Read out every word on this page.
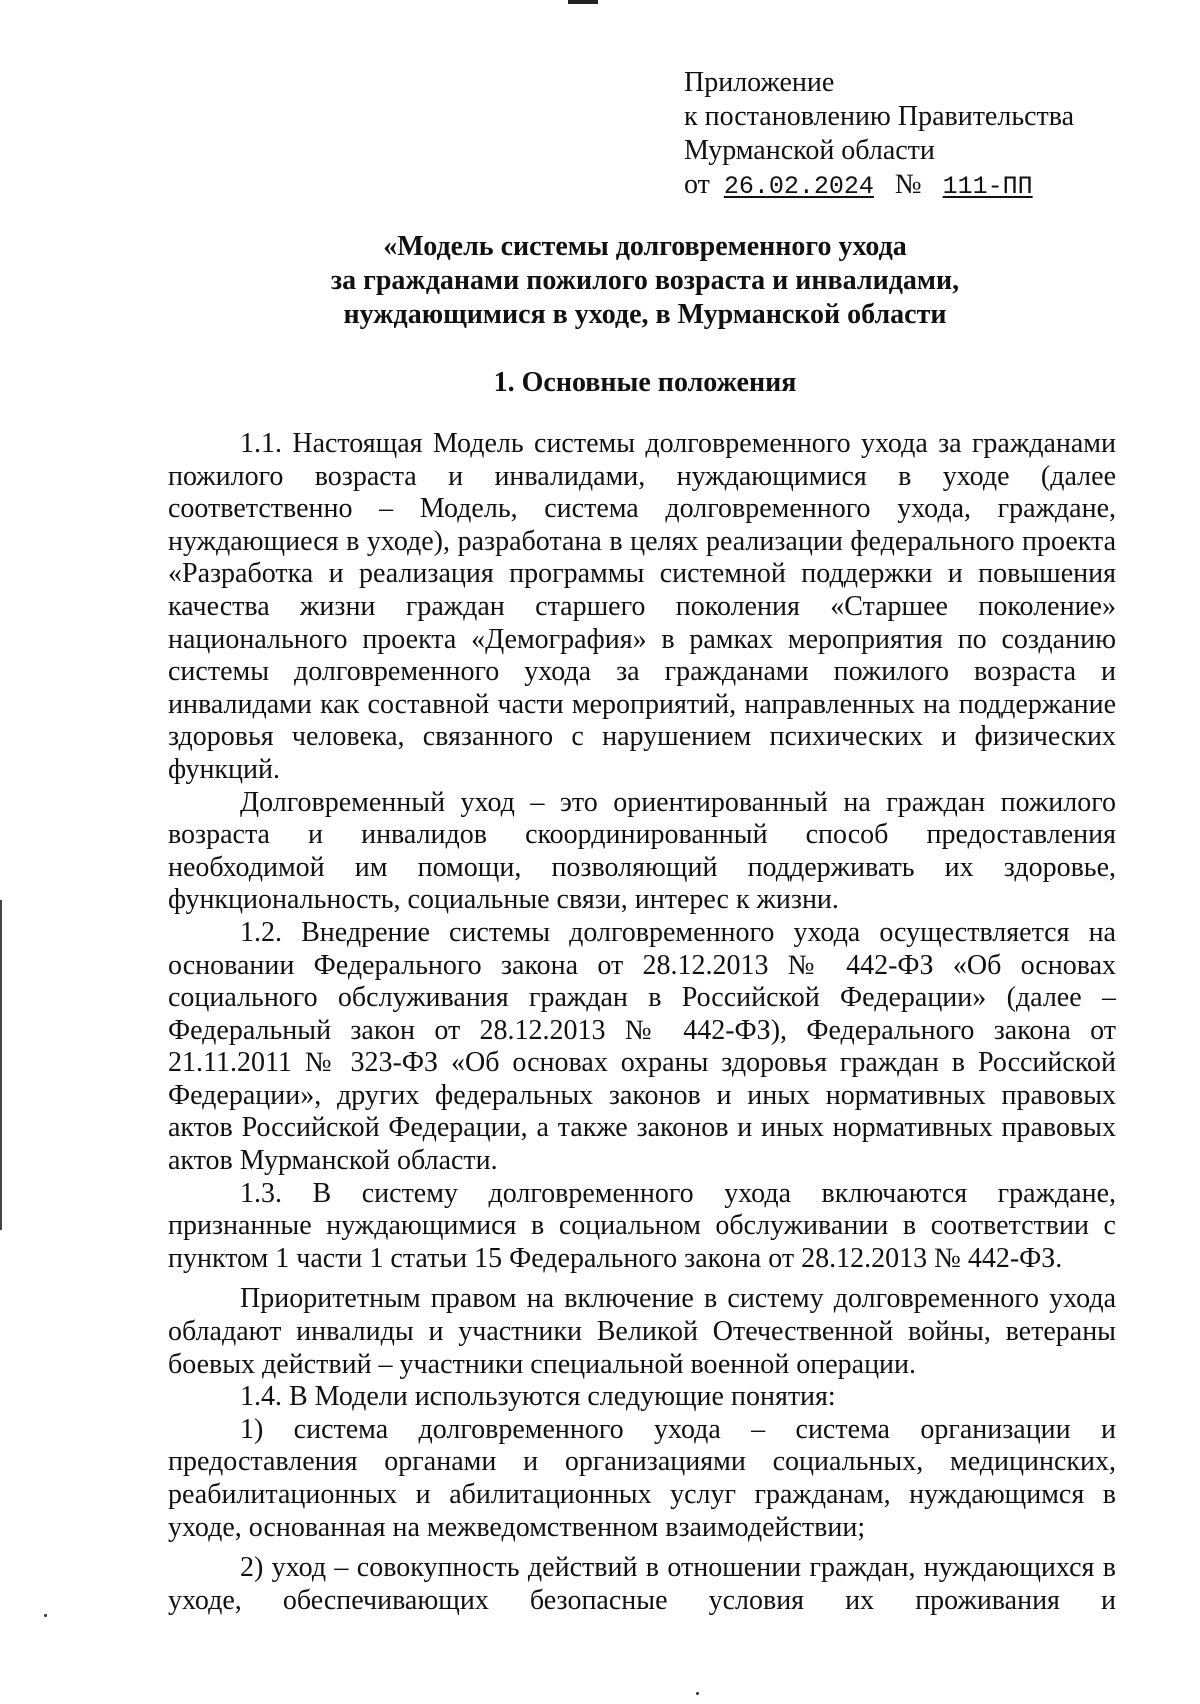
Приложение
к постановлению Правительства
Мурманской области
от 26.02.2024 № 111-ПП
«Модель системы долговременного ухода
за гражданами пожилого возраста и инвалидами,
нуждающимися в уходе, в Мурманской области
1. Основные положения

1.1. Настоящая Модель системы долговременного ухода за гражданами пожилого возраста и инвалидами, нуждающимися в уходе (далее соответственно – Модель, система долговременного ухода, граждане, нуждающиеся в уходе), разработана в целях реализации федерального проекта «Разработка и реализация программы системной поддержки и повышения качества жизни граждан старшего поколения «Старшее поколение» национального проекта «Демография» в рамках мероприятия по созданию системы долговременного ухода за гражданами пожилого возраста и инвалидами как составной части мероприятий, направленных на поддержание здоровья человека, связанного с нарушением психических и физических функций.

Долговременный уход – это ориентированный на граждан пожилого возраста и инвалидов скоординированный способ предоставления необходимой им помощи, позволяющий поддерживать их здоровье, функциональность, социальные связи, интерес к жизни.

1.2. Внедрение системы долговременного ухода осуществляется на основании Федерального закона от 28.12.2013 № 442-ФЗ «Об основах социального обслуживания граждан в Российской Федерации» (далее – Федеральный закон от 28.12.2013 № 442-ФЗ), Федерального закона от 21.11.2011 № 323-ФЗ «Об основах охраны здоровья граждан в Российской Федерации», других федеральных законов и иных нормативных правовых актов Российской Федерации, а также законов и иных нормативных правовых актов Мурманской области.

1.3. В систему долговременного ухода включаются граждане, признанные нуждающимися в социальном обслуживании в соответствии с пунктом 1 части 1 статьи 15 Федерального закона от 28.12.2013 № 442-ФЗ.

Приоритетным правом на включение в систему долговременного ухода обладают инвалиды и участники Великой Отечественной войны, ветераны боевых действий – участники специальной военной операции.

1.4. В Модели используются следующие понятия:

1) система долговременного ухода – система организации и предоставления органами и организациями социальных, медицинских, реабилитационных и абилитационных услуг гражданам, нуждающимся в уходе, основанная на межведомственном взаимодействии;

2) уход – совокупность действий в отношении граждан, нуждающихся в уходе, обеспечивающих безопасные условия их проживания и
